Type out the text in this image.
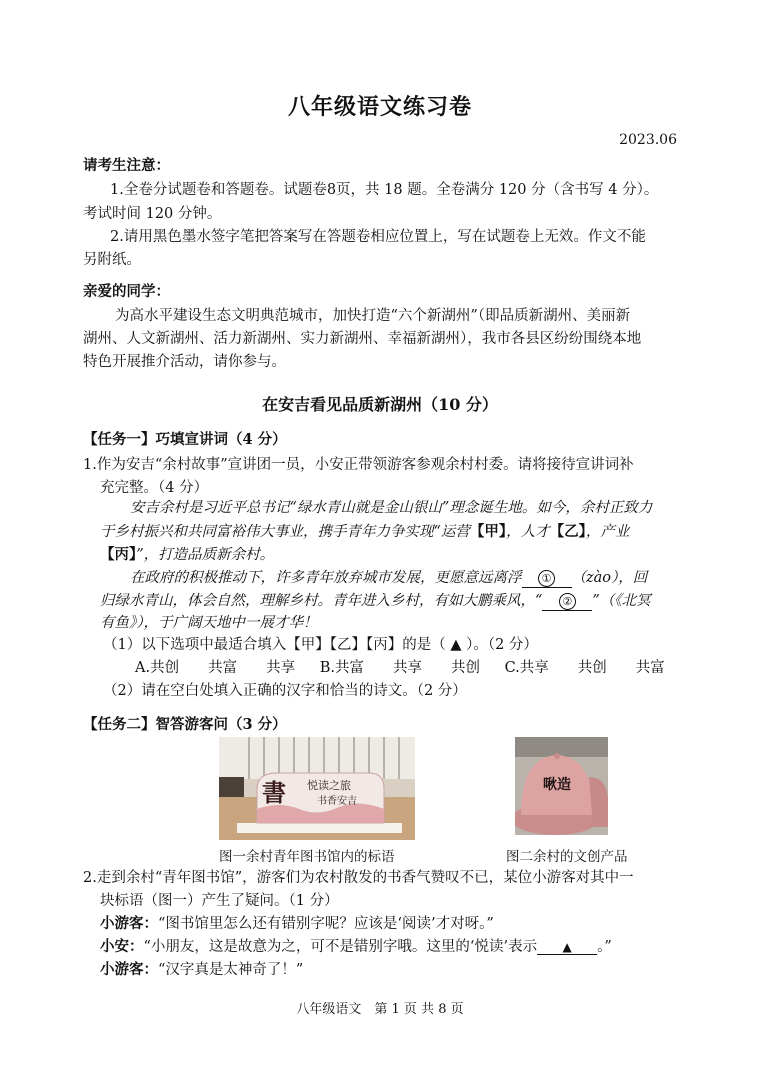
八年级语文练习卷
2023.06
请考生注意：
1.全卷分试题卷和答题卷。试题卷8页，共 18 题。全卷满分 120 分（含书写 4 分）。
考试时间 120 分钟。
2.请用黑色墨水签字笔把答案写在答题卷相应位置上，写在试题卷上无效。作文不能
另附纸。
亲爱的同学：
为高水平建设生态文明典范城市，加快打造“六个新湖州”（即品质新湖州、美丽新
湖州、人文新湖州、活力新湖州、实力新湖州、幸福新湖州），我市各县区纷纷围绕本地
特色开展推介活动，请你参与。
在安吉看见品质新湖州（10 分）
【任务一】巧填宣讲词（4 分）
1.作为安吉“余村故事”宣讲团一员，小安正带领游客参观余村村委。请将接待宣讲词补
充完整。（4 分）
安吉余村是习近平总书记“绿水青山就是金山银山”理念诞生地。如今，余村正致力
于乡村振兴和共同富裕伟大事业，携手青年力争实现“运营【甲】，人才【乙】，产业
【丙】”，打造品质新余村。
在政府的积极推动下，许多青年放弃城市发展，更愿意远离浮 ① （zào），回
归绿水青山，体会自然，理解乡村。青年进入乡村，有如大鹏乘风，“ ② ”（《北冥
有鱼》），于广阔天地中一展才华！
（1）以下选项中最适合填入【甲】【乙】【丙】的是（ ▲ ）。（2 分）
A.共创　　共富　　共享 B.共富　　共享　　共创 C.共享　　共创　　共富
（2）请在空白处填入正确的汉字和恰当的诗文。（2 分）
【任务二】智答游客问（3 分）
書 悦读之旅
书香安吉
图一余村青年图书馆内的标语
啾造
图二余村的文创产品
2.走到余村“青年图书馆”，游客们为农村散发的书香气赞叹不已，某位小游客对其中一
块标语（图一）产生了疑问。（1 分）
小游客：“图书馆里怎么还有错别字呢？应该是‘阅读’才对呀。”
小安：“小朋友，这是故意为之，可不是错别字哦。这里的‘悦读’表示 ▲ 。”
小游客：“汉字真是太神奇了！”
八年级语文　第 1 页 共 8 页
